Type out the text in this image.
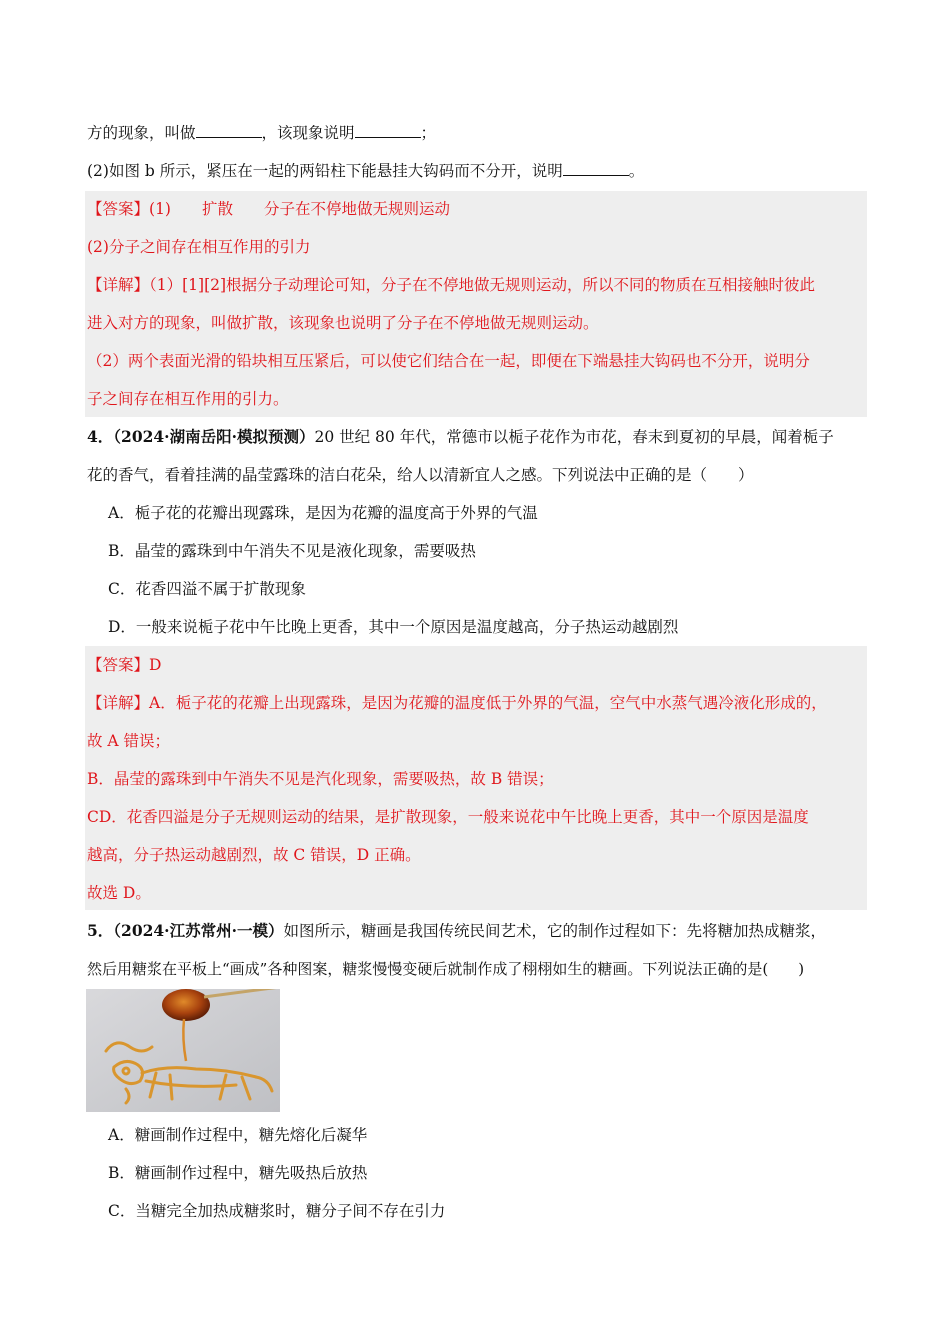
方的现象，叫做	，该现象说明	；
(2)如图 b 所示，紧压在一起的两铅柱下能悬挂大钩码而不分开，说明	。
【答案】(1)　　扩散　　分子在不停地做无规则运动
(2)分子之间存在相互作用的引力
【详解】（1）[1][2]根据分子动理论可知，分子在不停地做无规则运动，所以不同的物质在互相接触时彼此
进入对方的现象，叫做扩散，该现象也说明了分子在不停地做无规则运动。
（2）两个表面光滑的铅块相互压紧后，可以使它们结合在一起，即便在下端悬挂大钩码也不分开，说明分
子之间存在相互作用的引力。
4．（2024·湖南岳阳·模拟预测）20 世纪 80 年代，常德市以栀子花作为市花，春末到夏初的早晨，闻着栀子
花的香气，看着挂满的晶莹露珠的洁白花朵，给人以清新宜人之感。下列说法中正确的是（　　）
A．栀子花的花瓣出现露珠，是因为花瓣的温度高于外界的气温
B．晶莹的露珠到中午消失不见是液化现象，需要吸热
C．花香四溢不属于扩散现象
D．一般来说栀子花中午比晚上更香，其中一个原因是温度越高，分子热运动越剧烈
【答案】D
【详解】A．栀子花的花瓣上出现露珠，是因为花瓣的温度低于外界的气温，空气中水蒸气遇冷液化形成的，
故 A 错误；
B．晶莹的露珠到中午消失不见是汽化现象，需要吸热，故 B 错误；
CD．花香四溢是分子无规则运动的结果，是扩散现象，一般来说花中午比晚上更香，其中一个原因是温度
越高，分子热运动越剧烈，故 C 错误，D 正确。
故选 D。
5．（2024·江苏常州·一模）如图所示，糖画是我国传统民间艺术，它的制作过程如下：先将糖加热成糖浆，
然后用糖浆在平板上“画成”各种图案，糖浆慢慢变硬后就制作成了栩栩如生的糖画。下列说法正确的是(　　)
A．糖画制作过程中，糖先熔化后凝华
B．糖画制作过程中，糖先吸热后放热
C．当糖完全加热成糖浆时，糖分子间不存在引力
